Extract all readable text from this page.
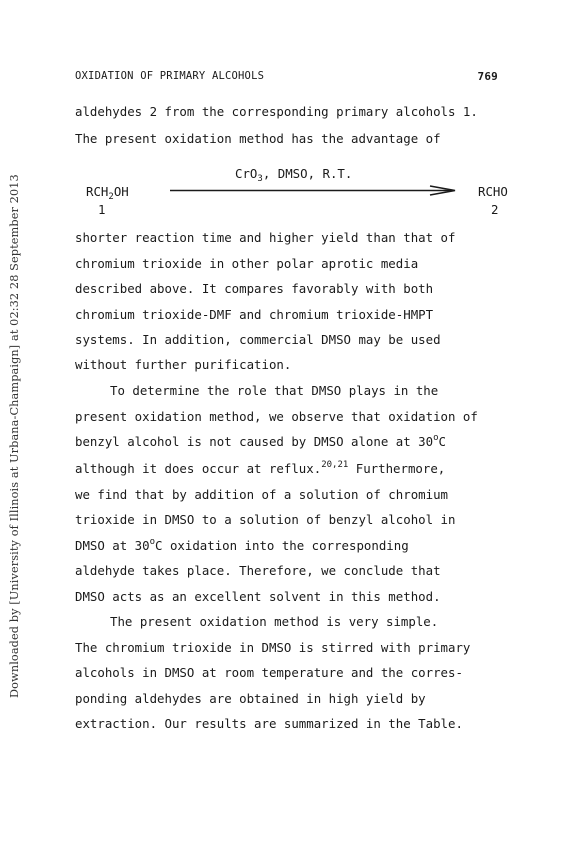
Downloaded by [University of Illinois at Urbana-Champaign] at 02:32 28 September 2013
OXIDATION OF PRIMARY ALCOHOLS	769
aldehydes 2 from the corresponding primary alcohols 1.
The present oxidation method has the advantage of
CrO$_3$, DMSO, R.T.
$RCH_2OH$
1
RCHO
2
shorter reaction time and higher yield than that of
chromium trioxide in other polar aprotic media
described above. It compares favorably with both
chromium trioxide-DMF and chromium trioxide-HMPT
systems. In addition, commercial DMSO may be used
without further purification.
To determine the role that DMSO plays in the
present oxidation method, we observe that oxidation of
benzyl alcohol is not caused by DMSO alone at 30$^o$C
although it does occur at reflux.$^{20,21}$ Furthermore,
we find that by addition of a solution of chromium
trioxide in DMSO to a solution of benzyl alcohol in
DMSO at 30$^o$C oxidation into the corresponding
aldehyde takes place. Therefore, we conclude that
DMSO acts as an excellent solvent in this method.
The present oxidation method is very simple.
The chromium trioxide in DMSO is stirred with primary
alcohols in DMSO at room temperature and the corres-
ponding aldehydes are obtained in high yield by
extraction. Our results are summarized in the Table.
